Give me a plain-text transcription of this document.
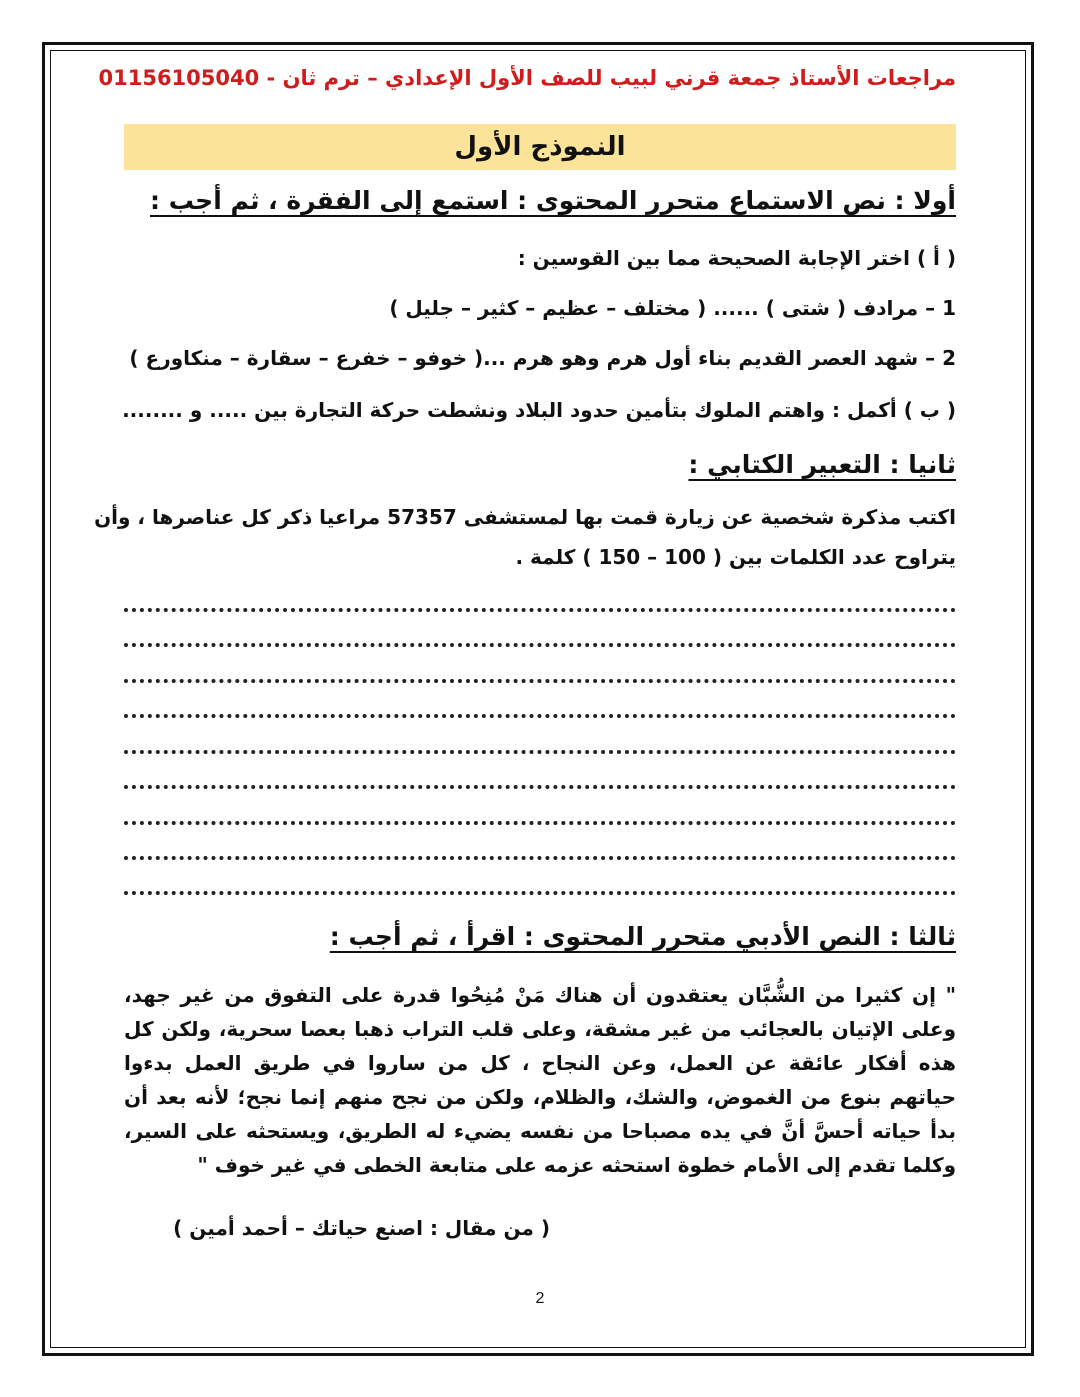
مراجعات الأستاذ جمعة قرني لبيب للصف الأول الإعدادي – ترم ثان - 01156105040
النموذج الأول
أولا : نص الاستماع متحرر المحتوى : استمع إلى الفقرة ، ثم أجب :
( أ ) اختر الإجابة الصحيحة مما بين القوسين :
1 – مرادف ( شتى ) ...... ( مختلف – عظيم – كثير – جليل )
2 – شهد العصر القديم بناء أول هرم وهو هرم ...( خوفو – خفرع – سقارة – منكاورع )
( ب ) أكمل : واهتم الملوك بتأمين حدود البلاد ونشطت حركة التجارة بين ..... و ........
ثانيا : التعبير الكتابي :
اكتب مذكرة شخصية عن زيارة قمت بها لمستشفى 57357 مراعيا ذكر كل عناصرها ، وأن
يتراوح عدد الكلمات بين ( 100 – 150 ) كلمة .
ثالثا : النص الأدبي متحرر المحتوى : اقرأ ، ثم أجب :
" إن كثيرا من الشُّبَّان يعتقدون أن هناك مَنْ مُنِحُوا قدرة على التفوق من غير جهد، وعلى الإتيان بالعجائب من غير مشقة، وعلى قلب التراب ذهبا بعصا سحرية، ولكن كل هذه أفكار عائقة عن العمل، وعن النجاح ، كل من ساروا في طريق العمل بدءوا حياتهم بنوع من الغموض، والشك، والظلام، ولكن من نجح منهم إنما نجح؛ لأنه بعد أن بدأ حياته أحسَّ أنَّ في يده مصباحا من نفسه يضيء له الطريق، ويستحثه على السير، وكلما تقدم إلى الأمام خطوة استحثه عزمه على متابعة الخطى في غير خوف "
( من مقال : اصنع حياتك – أحمد أمين )
2
